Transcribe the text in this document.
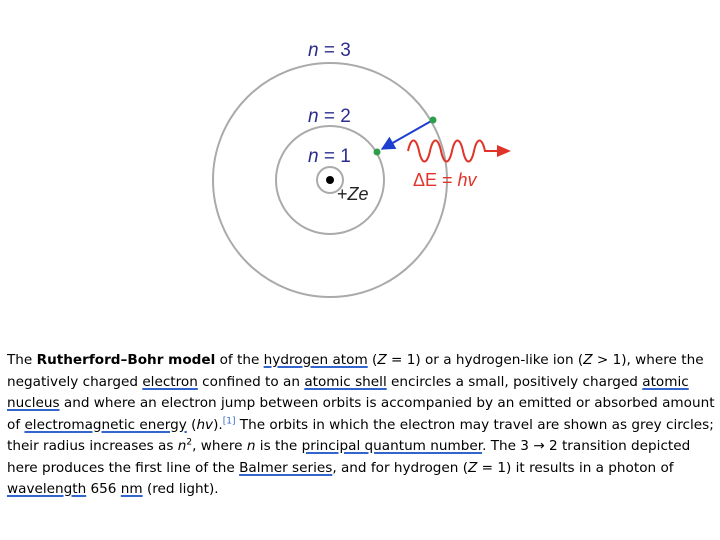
n = 3
n = 2
n = 1
+Ze
ΔE = hv
The Rutherford–Bohr model of the hydrogen atom (Z = 1) or a hydrogen-like ion (Z > 1), where the negatively charged electron confined to an atomic shell encircles a small, positively charged atomic nucleus and where an electron jump between orbits is accompanied by an emitted or absorbed amount of electromagnetic energy (hv).[1] The orbits in which the electron may travel are shown as grey circles; their radius increases as $n^2$, where n is the principal quantum number. The 3 → 2 transition depicted here produces the first line of the Balmer series, and for hydrogen (Z = 1) it results in a photon of wavelength 656 nm (red light).
